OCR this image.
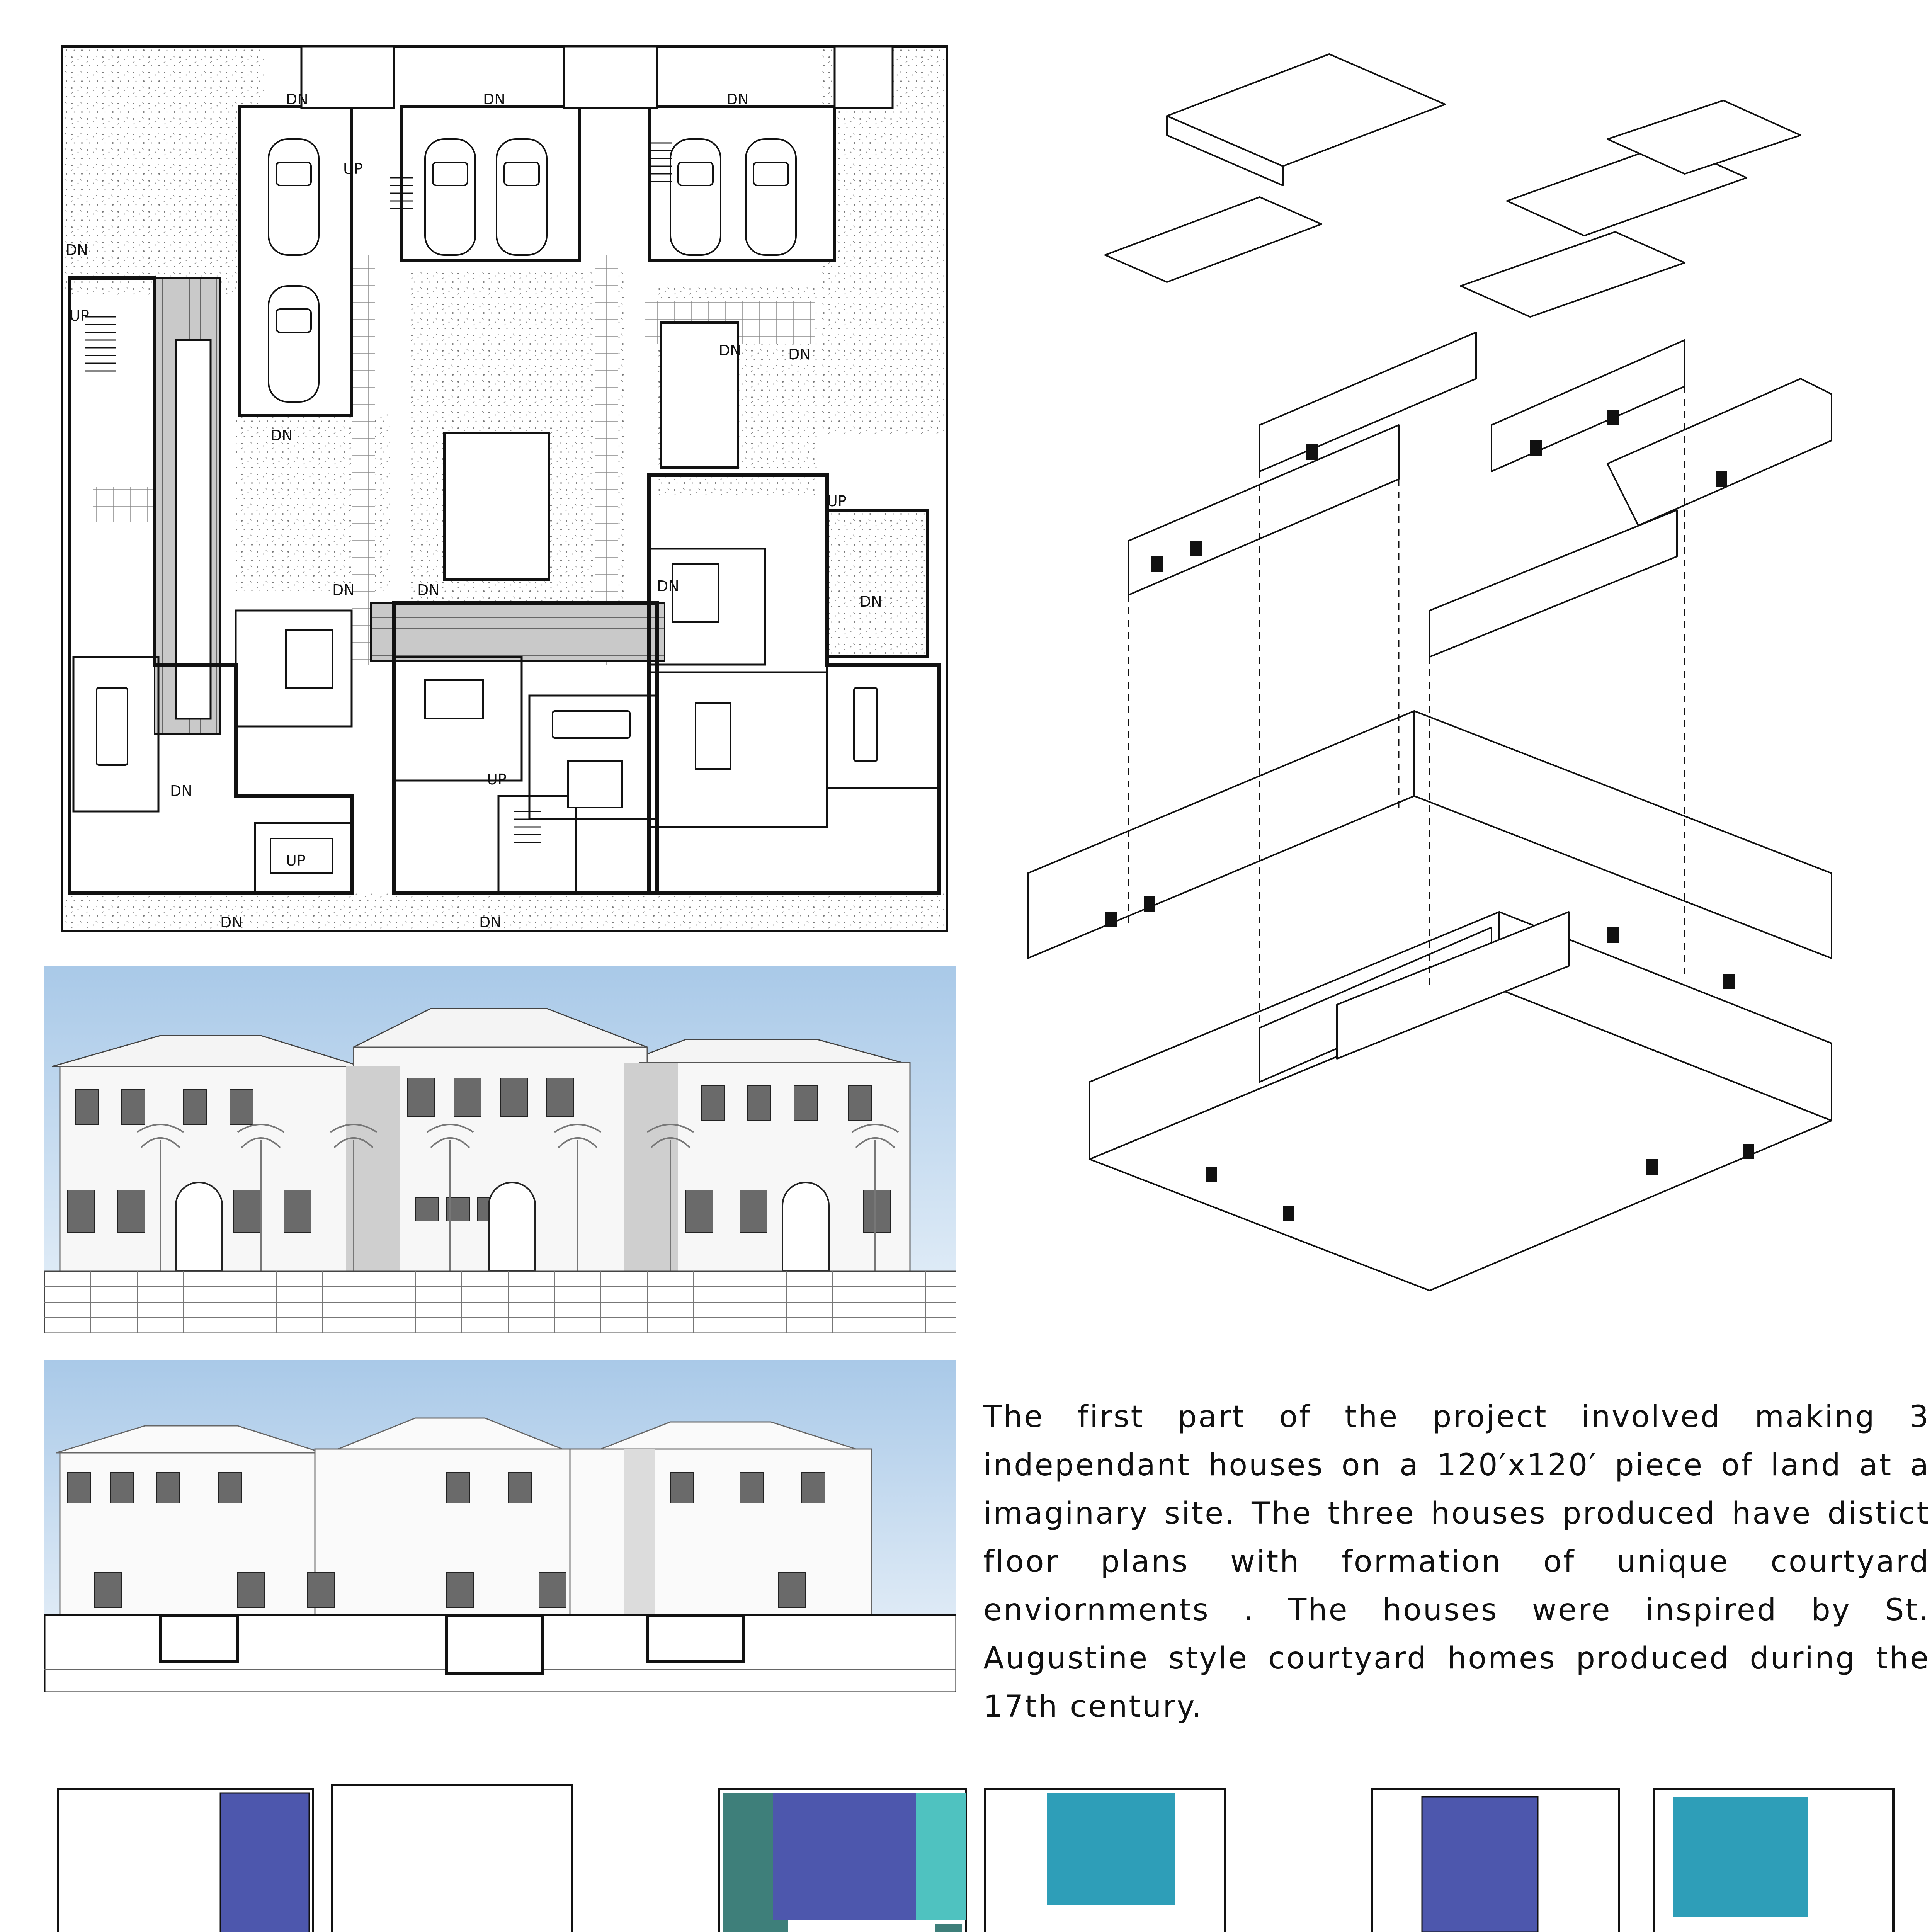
DN	DN	DN
DN
UP
UP
DN
DN
UP
DN
DN
DN	DN	DN
UP
UP
DN
DN	DN

The first part of the project involved making 3 independant houses on a 120′x120′ piece of land at a imaginary site. The three houses produced have distict floor plans with formation of unique courtyard enviornments . The houses were inspired by St. Augustine style courtyard homes produced during the 17th century.
